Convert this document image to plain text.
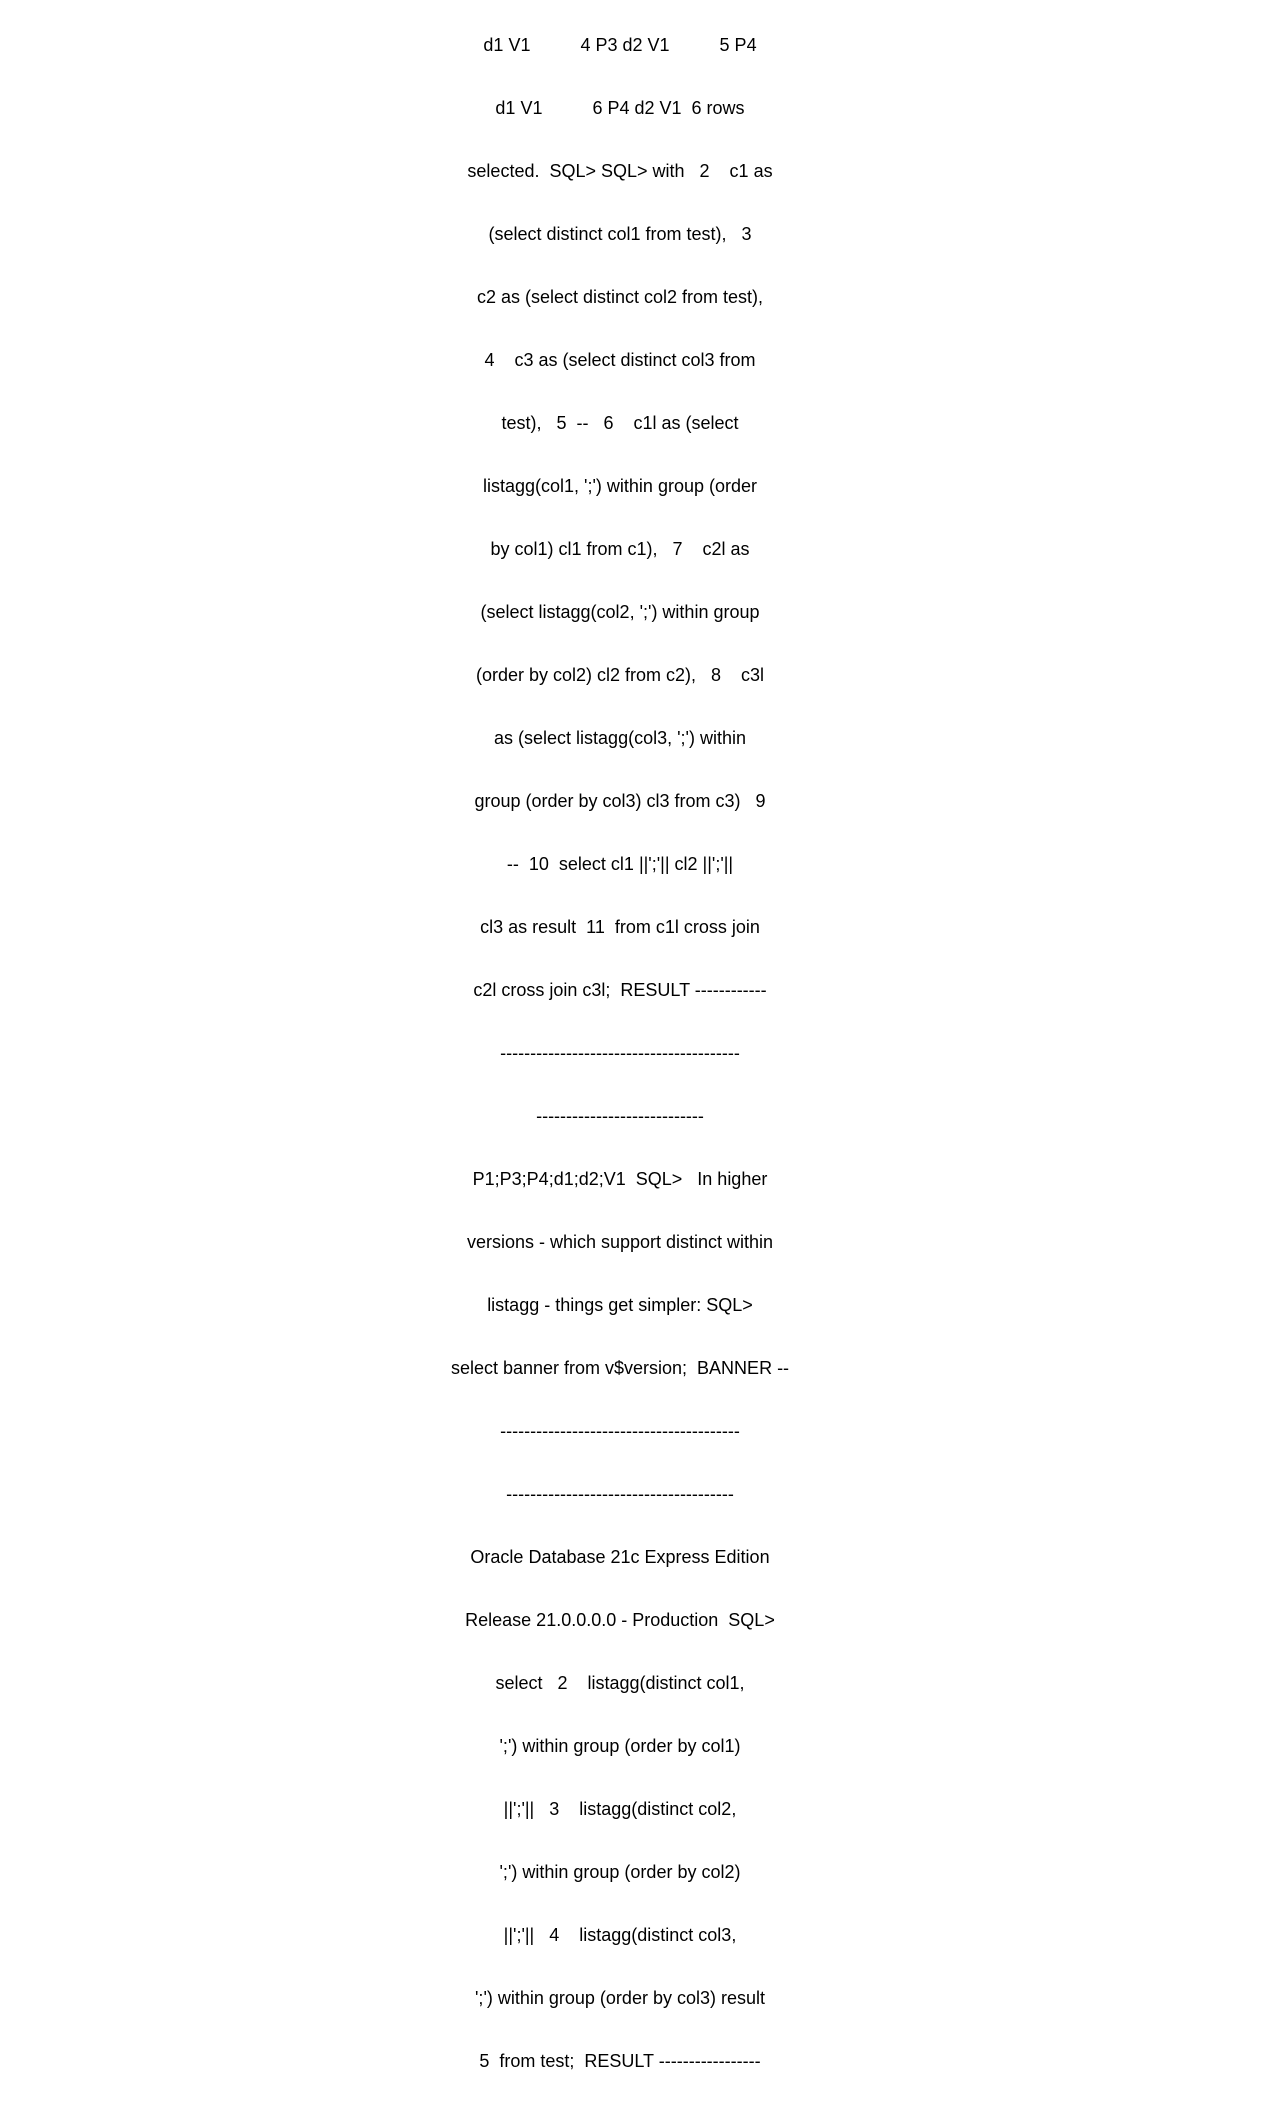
d1 V1          4 P3 d2 V1          5 P4

d1 V1          6 P4 d2 V1  6 rows

selected.  SQL> SQL> with   2    c1 as

(select distinct col1 from test),   3

c2 as (select distinct col2 from test),

4    c3 as (select distinct col3 from

test),   5  --   6    c1l as (select

listagg(col1, ';') within group (order

by col1) cl1 from c1),   7    c2l as

(select listagg(col2, ';') within group

(order by col2) cl2 from c2),   8    c3l

as (select listagg(col3, ';') within

group (order by col3) cl3 from c3)   9

--  10  select cl1 ||';'|| cl2 ||';'||

cl3 as result  11  from c1l cross join

c2l cross join c3l;  RESULT ------------

----------------------------------------

----------------------------

P1;P3;P4;d1;d2;V1  SQL>   In higher

versions - which support distinct within

listagg - things get simpler: SQL>

select banner from v$version;  BANNER --

----------------------------------------

--------------------------------------

Oracle Database 21c Express Edition

Release 21.0.0.0.0 - Production  SQL>

select   2    listagg(distinct col1,

';') within group (order by col1)

||';'||   3    listagg(distinct col2,

';') within group (order by col2)

||';'||   4    listagg(distinct col3,

';') within group (order by col3) result

5  from test;  RESULT -----------------
